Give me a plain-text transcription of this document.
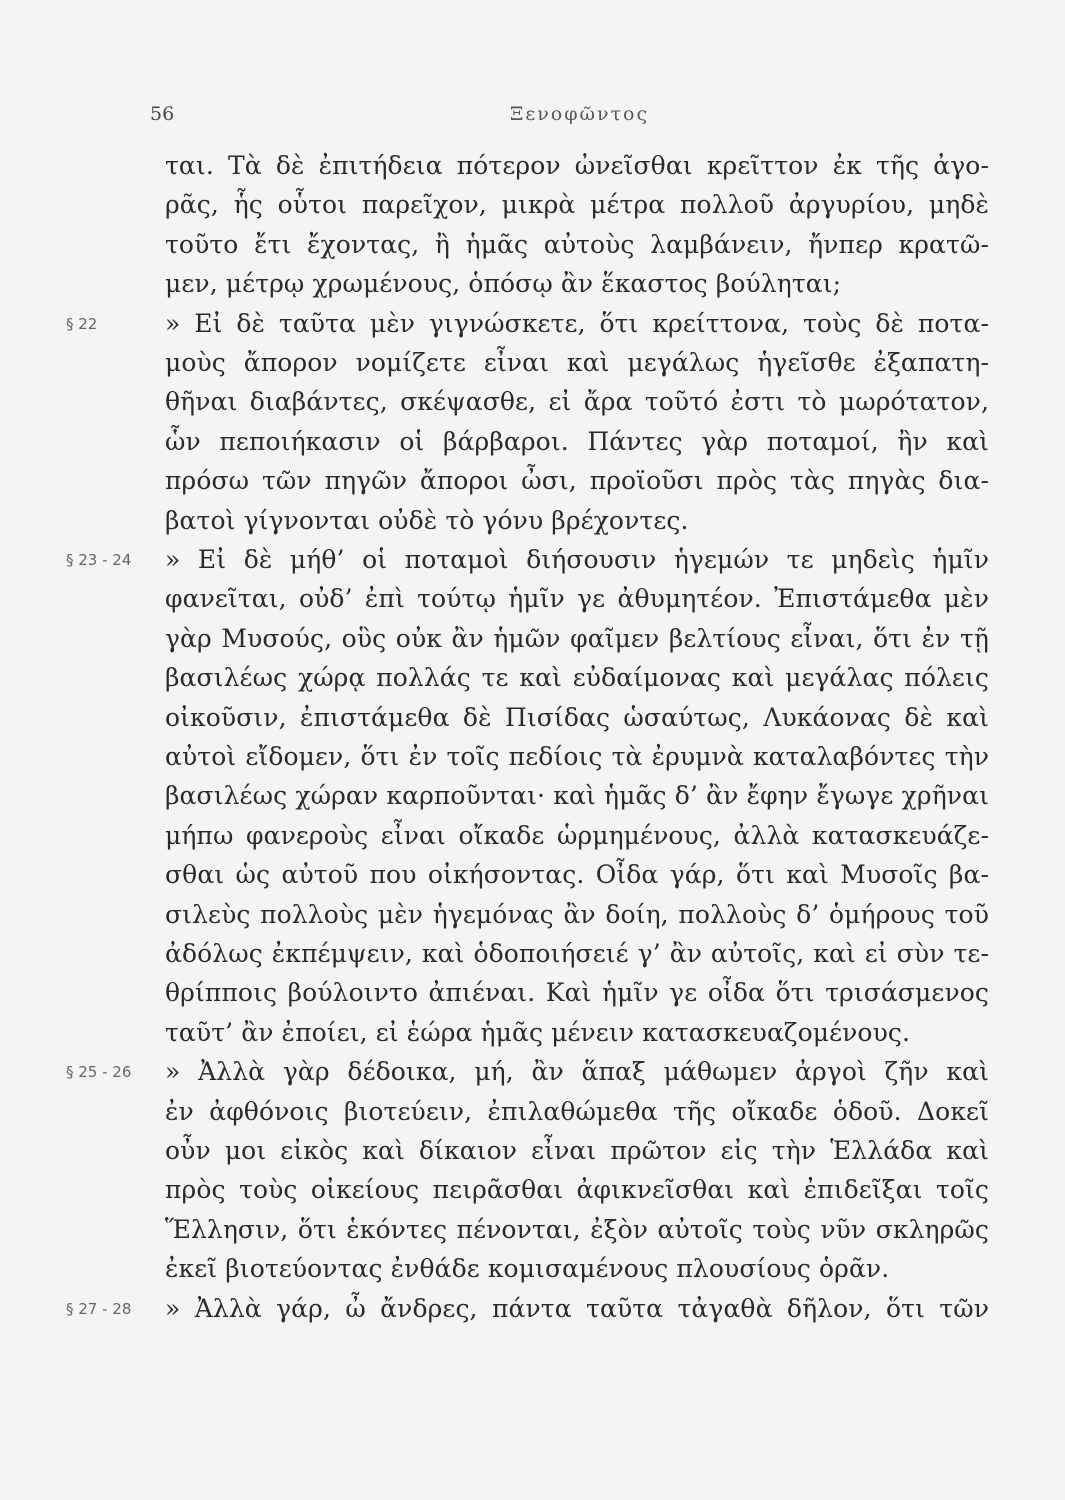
56	Ξενοφῶντος
ται. Τὰ δὲ ἐπιτήδεια πότερον ὠνεῖσθαι κρεῖττον ἐκ τῆς ἀγο-
ρᾶς, ἧς οὗτοι παρεῖχον, μικρὰ μέτρα πολλοῦ ἀργυρίου, μηδὲ
τοῦτο ἔτι ἔχοντας, ἢ ἡμᾶς αὐτοὺς λαμβάνειν, ἤνπερ κρατῶ-
μεν, μέτρῳ χρωμένους, ὁπόσῳ ἂν ἕκαστος βούληται;
» Εἰ δὲ ταῦτα μὲν γιγνώσκετε, ὅτι κρείττονα, τοὺς δὲ ποτα-
μοὺς ἄπορον νομίζετε εἶναι καὶ μεγάλως ἡγεῖσθε ἐξαπατη-
θῆναι διαβάντες, σκέψασθε, εἰ ἄρα τοῦτό ἐστι τὸ μωρότατον,
ὧν πεποιήκασιν οἱ βάρβαροι. Πάντες γὰρ ποταμοί, ἢν καὶ
πρόσω τῶν πηγῶν ἄποροι ὦσι, προϊοῦσι πρὸς τὰς πηγὰς δια-
βατοὶ γίγνονται οὐδὲ τὸ γόνυ βρέχοντες.
» Εἰ δὲ μήθ’ οἱ ποταμοὶ διήσουσιν ἡγεμών τε μηδεὶς ἡμῖν
φανεῖται, οὐδ’ ἐπὶ τούτῳ ἡμῖν γε ἀθυμητέον. Ἐπιστάμεθα μὲν
γὰρ Μυσούς, οὓς οὐκ ἂν ἡμῶν φαῖμεν βελτίους εἶναι, ὅτι ἐν τῇ
βασιλέως χώρᾳ πολλάς τε καὶ εὐδαίμονας καὶ μεγάλας πόλεις
οἰκοῦσιν, ἐπιστάμεθα δὲ Πισίδας ὡσαύτως, Λυκάονας δὲ καὶ
αὐτοὶ εἴδομεν, ὅτι ἐν τοῖς πεδίοις τὰ ἐρυμνὰ καταλαβόντες τὴν
βασιλέως χώραν καρποῦνται· καὶ ἡμᾶς δ’ ἂν ἔφην ἔγωγε χρῆναι
μήπω φανεροὺς εἶναι οἴκαδε ὡρμημένους, ἀλλὰ κατασκευάζε-
σθαι ὡς αὐτοῦ που οἰκήσοντας. Οἶδα γάρ, ὅτι καὶ Μυσοῖς βα-
σιλεὺς πολλοὺς μὲν ἡγεμόνας ἂν δοίη, πολλοὺς δ’ ὁμήρους τοῦ
ἀδόλως ἐκπέμψειν, καὶ ὁδοποιήσειέ γ’ ἂν αὐτοῖς, καὶ εἰ σὺν τε-
θρίπποις βούλοιντο ἀπιέναι. Καὶ ἡμῖν γε οἶδα ὅτι τρισάσμενος
ταῦτ’ ἂν ἐποίει, εἰ ἑώρα ἡμᾶς μένειν κατασκευαζομένους.
» Ἀλλὰ γὰρ δέδοικα, μή, ἂν ἅπαξ μάθωμεν ἀργοὶ ζῆν καὶ
ἐν ἀφθόνοις βιοτεύειν, ἐπιλαθώμεθα τῆς οἴκαδε ὁδοῦ. Δοκεῖ
οὖν μοι εἰκὸς καὶ δίκαιον εἶναι πρῶτον εἰς τὴν Ἑλλάδα καὶ
πρὸς τοὺς οἰκείους πειρᾶσθαι ἀφικνεῖσθαι καὶ ἐπιδεῖξαι τοῖς
Ἕλλησιν, ὅτι ἑκόντες πένονται, ἐξὸν αὐτοῖς τοὺς νῦν σκληρῶς
ἐκεῖ βιοτεύοντας ἐνθάδε κομισαμένους πλουσίους ὁρᾶν.
» Ἀλλὰ γάρ, ὦ ἄνδρες, πάντα ταῦτα τἀγαθὰ δῆλον, ὅτι τῶν
§ 22
§ 23 - 24
§ 25 - 26
§ 27 - 28
